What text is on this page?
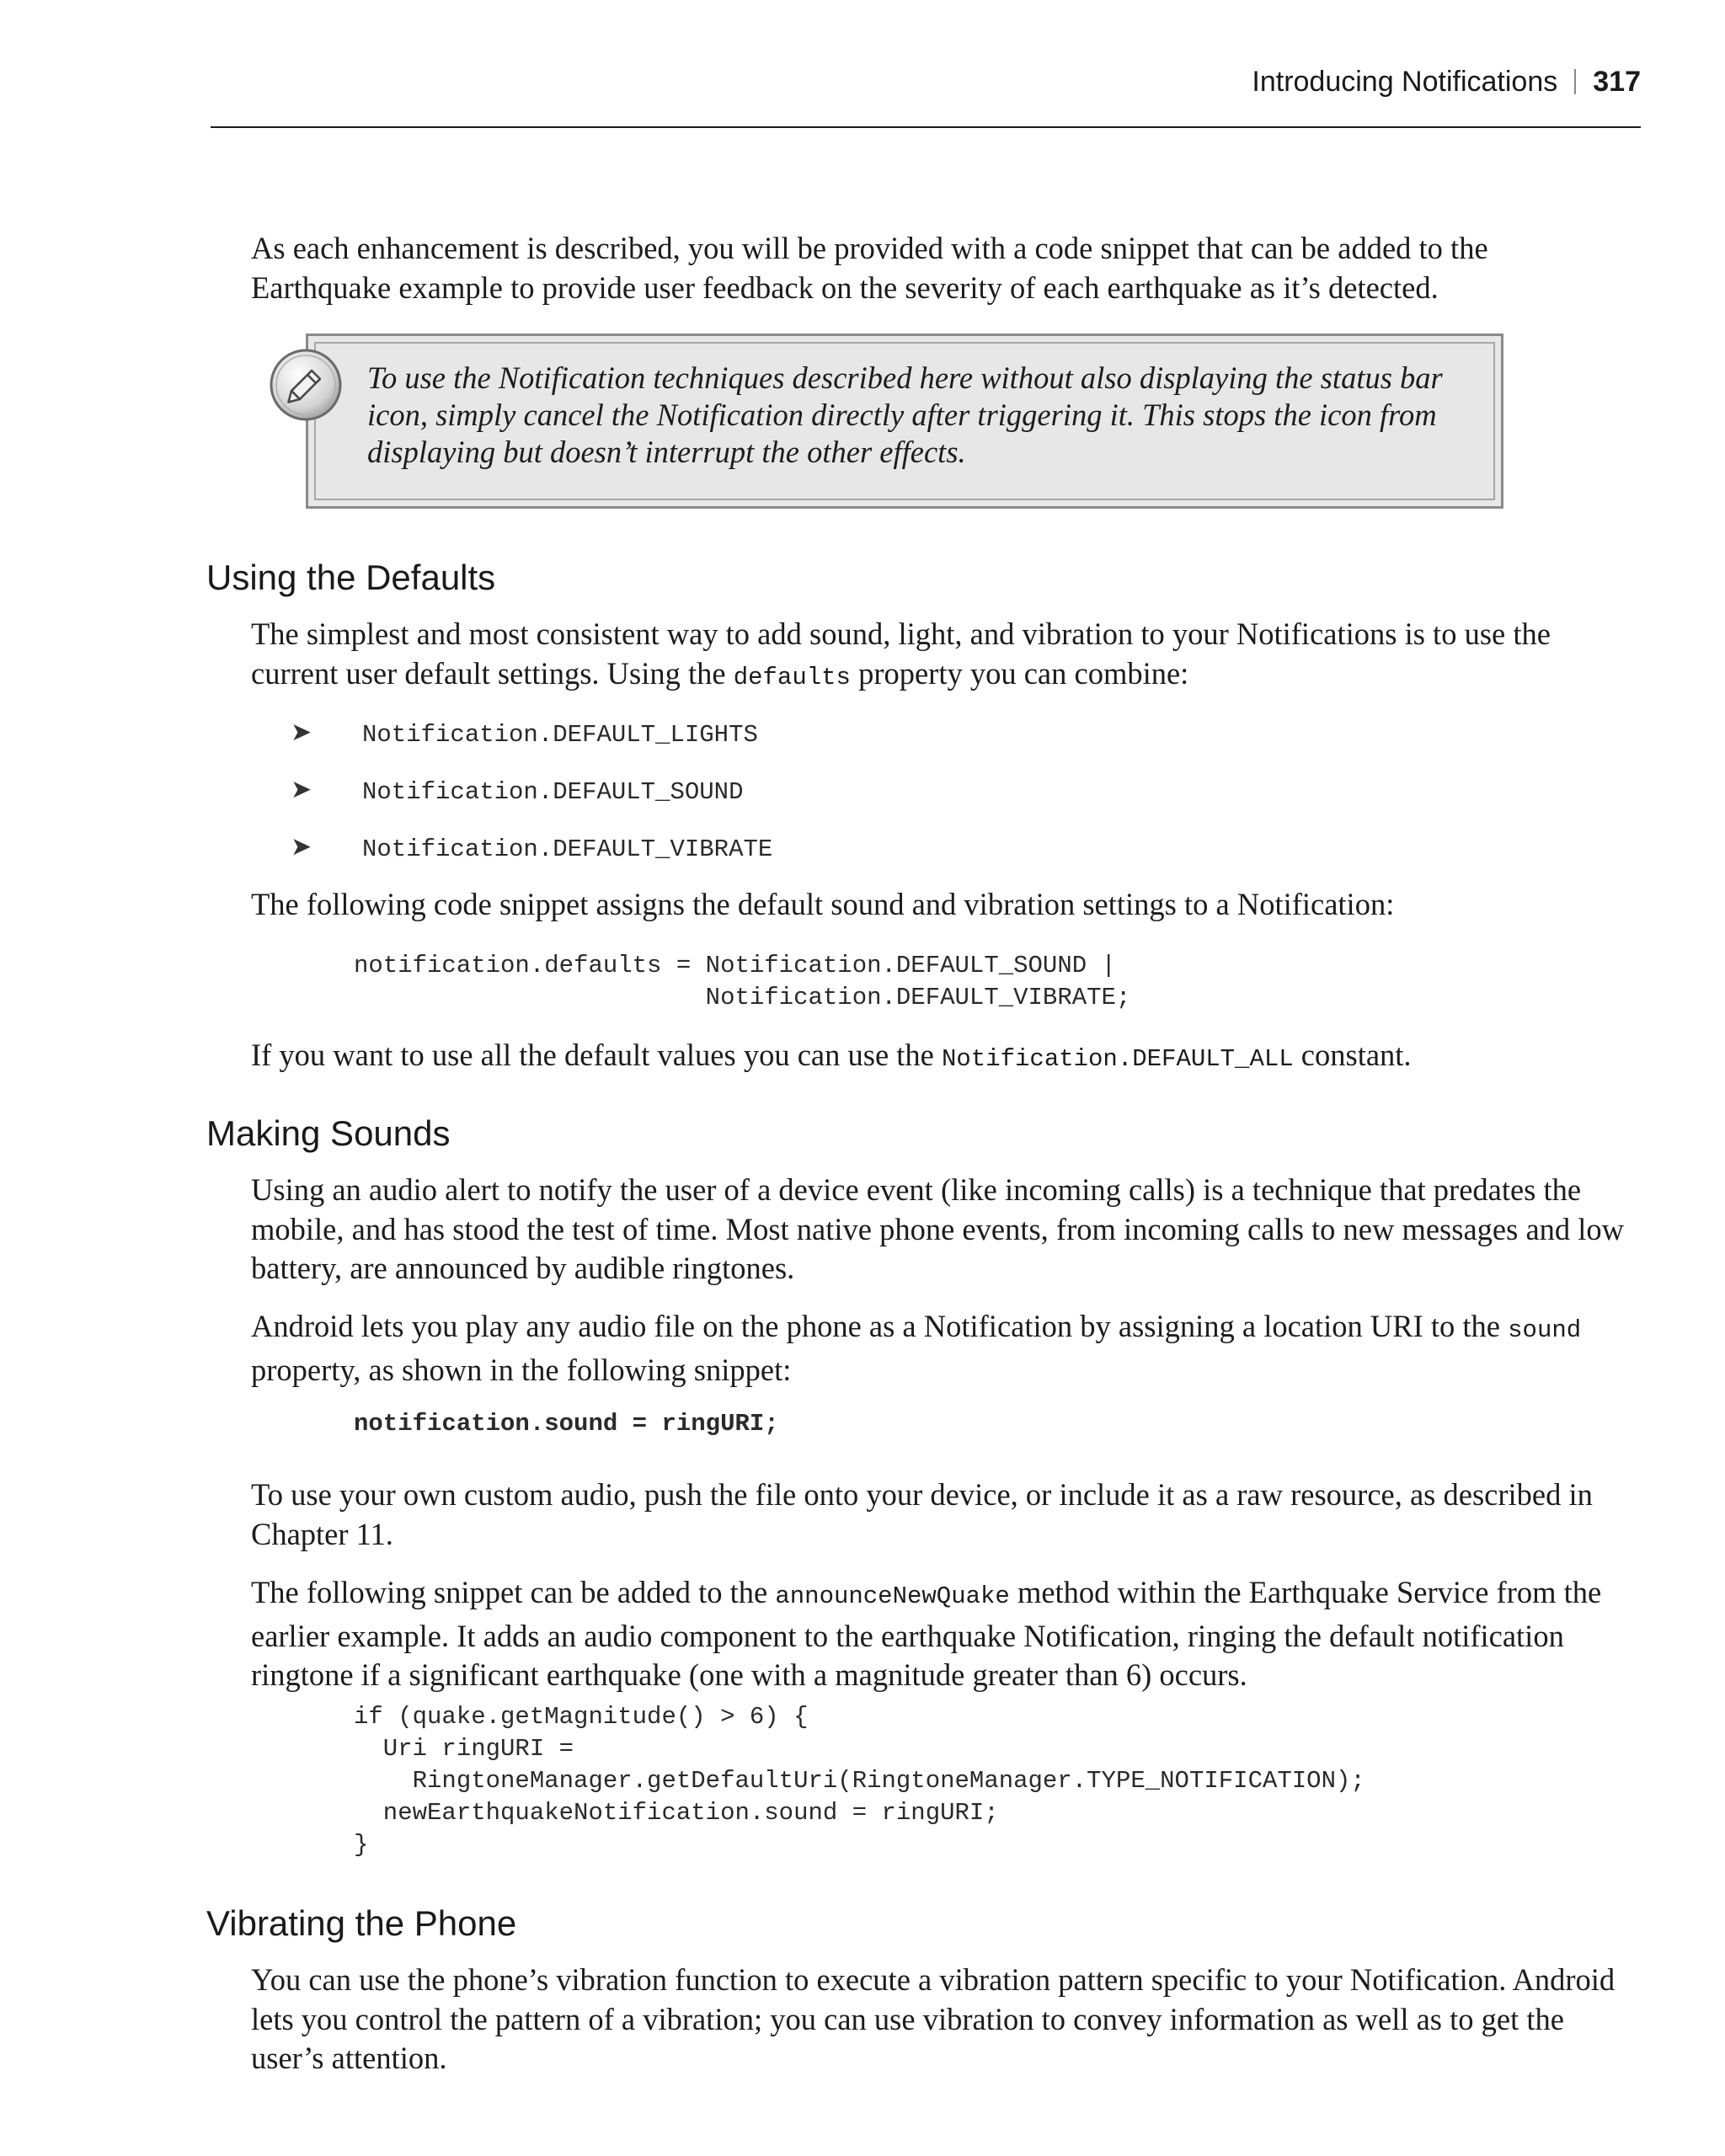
Introducing Notifications 317

As each enhancement is described, you will be provided with a code snippet that can be added to the Earthquake example to provide user feedback on the severity of each earthquake as it’s detected.

To use the Notification techniques described here without also displaying the status bar icon, simply cancel the Notification directly after triggering it. This stops the icon from displaying but doesn’t interrupt the other effects.

Using the Defaults

The simplest and most consistent way to add sound, light, and vibration to your Notifications is to use the current user default settings. Using the defaults property you can combine:

➤ Notification.DEFAULT_LIGHTS
➤ Notification.DEFAULT_SOUND
➤ Notification.DEFAULT_VIBRATE

The following code snippet assigns the default sound and vibration settings to a Notification:

notification.defaults = Notification.DEFAULT_SOUND |
Notification.DEFAULT_VIBRATE;

If you want to use all the default values you can use the Notification.DEFAULT_ALL constant.

Making Sounds

Using an audio alert to notify the user of a device event (like incoming calls) is a technique that predates the mobile, and has stood the test of time. Most native phone events, from incoming calls to new messages and low battery, are announced by audible ringtones.

Android lets you play any audio file on the phone as a Notification by assigning a location URI to the sound property, as shown in the following snippet:

notification.sound = ringURI;

To use your own custom audio, push the file onto your device, or include it as a raw resource, as described in Chapter 11.

The following snippet can be added to the announceNewQuake method within the Earthquake Service from the earlier example. It adds an audio component to the earthquake Notification, ringing the default notification ringtone if a significant earthquake (one with a magnitude greater than 6) occurs.

if (quake.getMagnitude() > 6) {
Uri ringURI =
RingtoneManager.getDefaultUri(RingtoneManager.TYPE_NOTIFICATION);
newEarthquakeNotification.sound = ringURI;
}
Vibrating the Phone

You can use the phone’s vibration function to execute a vibration pattern specific to your Notification. Android lets you control the pattern of a vibration; you can use vibration to convey information as well as to get the user’s attention.
